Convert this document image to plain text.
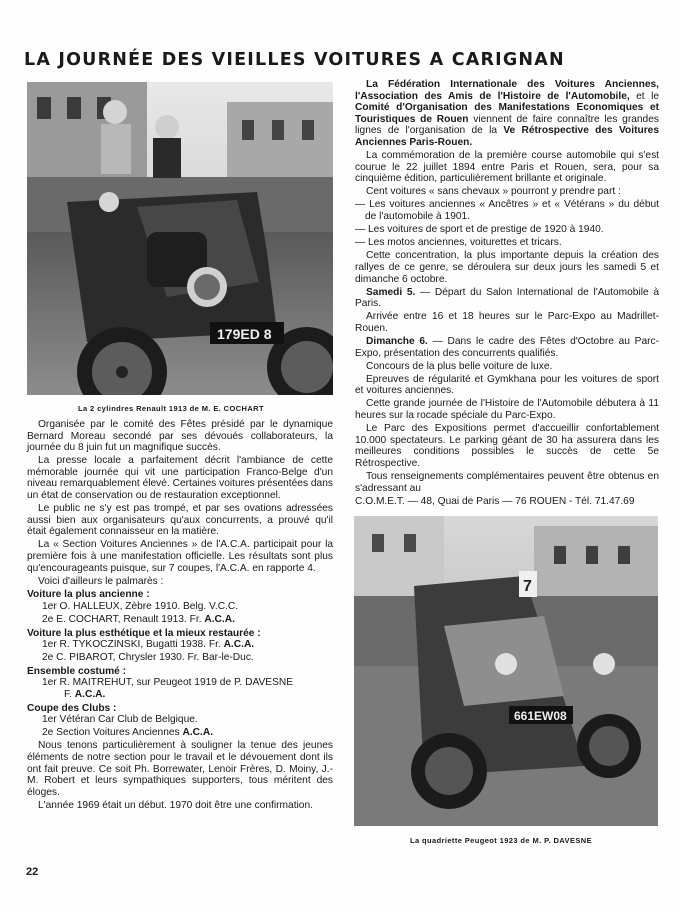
LA JOURNÉE DES VIEILLES VOITURES A CARIGNAN
179ED 8
La 2 cylindres Renault 1913 de M. E. COCHART

Organisée par le comité des Fêtes présidé par le dynamique Bernard Moreau secondé par ses dévoués collaborateurs, la journée du 8 juin fut un magnifique succès.

La presse locale a parfaitement décrit l'ambiance de cette mémorable journée qui vit une participation Franco-Belge d'un niveau remarquablement élevé. Certaines voitures présentées dans un état de conservation ou de restauration exceptionnel.

Le public ne s'y est pas trompé, et par ses ovations adressées aussi bien aux organisateurs qu'aux concurrents, a prouvé qu'il était également connaisseur en la matière.

La « Section Voitures Anciennes » de l'A.C.A. participait pour la première fois à une manifestation officielle. Les résultats sont plus qu'encourageants puisque, sur 7 coupes, l'A.C.A. en rapporte 4.

Voici d'ailleurs le palmarès :

Voiture la plus ancienne :

1er O. HALLEUX, Zèbre 1910. Belg. V.C.C.

2e E. COCHART, Renault 1913. Fr. A.C.A.

Voiture la plus esthétique et la mieux restaurée :

1er R. TYKOCZINSKI, Bugatti 1938. Fr. A.C.A.

2e C. PIBAROT, Chrysler 1930. Fr. Bar-le-Duc.

Ensemble costumé :

1er R. MAITREHUT, sur Peugeot 1919 de P. DAVESNE
F. A.C.A.

Coupe des Clubs :

1er Vétéran Car Club de Belgique.

2e Section Voitures Anciennes A.C.A.

Nous tenons particulièrement à souligner la tenue des jeunes éléments de notre section pour le travail et le dévouement dont ils ont fait preuve. Ce soit Ph. Borrewater, Lenoir Frères, D. Moiny, J.-M. Robert et leurs sympathiques supporters, tous méritent des éloges.

L'année 1969 était un début. 1970 doit être une confirmation.

La Fédération Internationale des Voitures Anciennes, l'Association des Amis de l'Histoire de l'Automobile, et le Comité d'Organisation des Manifestations Economiques et Touristiques de Rouen viennent de faire connaître les grandes lignes de l'organisation de la Ve Rétrospective des Voitures Anciennes Paris-Rouen.

La commémoration de la première course automobile qui s'est courue le 22 juillet 1894 entre Paris et Rouen, sera, pour sa cinquième édition, particulièrement brillante et originale.

Cent voitures « sans chevaux » pourront y prendre part :

— Les voitures anciennes « Ancêtres » et « Vétérans » du début de l'automobile à 1901.

— Les voitures de sport et de prestige de 1920 à 1940.

— Les motos anciennes, voiturettes et tricars.

Cette concentration, la plus importante depuis la création des rallyes de ce genre, se déroulera sur deux jours les samedi 5 et dimanche 6 octobre.

Samedi 5. — Départ du Salon International de l'Automobile à Paris.

Arrivée entre 16 et 18 heures sur le Parc-Expo au Madrillet-Rouen.

Dimanche 6. — Dans le cadre des Fêtes d'Octobre au Parc-Expo, présentation des concurrents qualifiés.

Concours de la plus belle voiture de luxe.

Epreuves de régularité et Gymkhana pour les voitures de sport et voitures anciennes.

Cette grande journée de l'Histoire de l'Automobile débutera à 11 heures sur la rocade spéciale du Parc-Expo.

Le Parc des Expositions permet d'accueillir confortablement 10.000 spectateurs. Le parking géant de 30 ha assurera dans les meilleures conditions possibles le succès de cette 5e Rétrospective.

Tous renseignements complémentaires peuvent être obtenus en s'adressant au

C.O.M.E.T. — 48, Quai de Paris — 76 ROUEN - Tél. 71.47.69

661EW08
7
La quadriette Peugeot 1923 de M. P. DAVESNE
22
